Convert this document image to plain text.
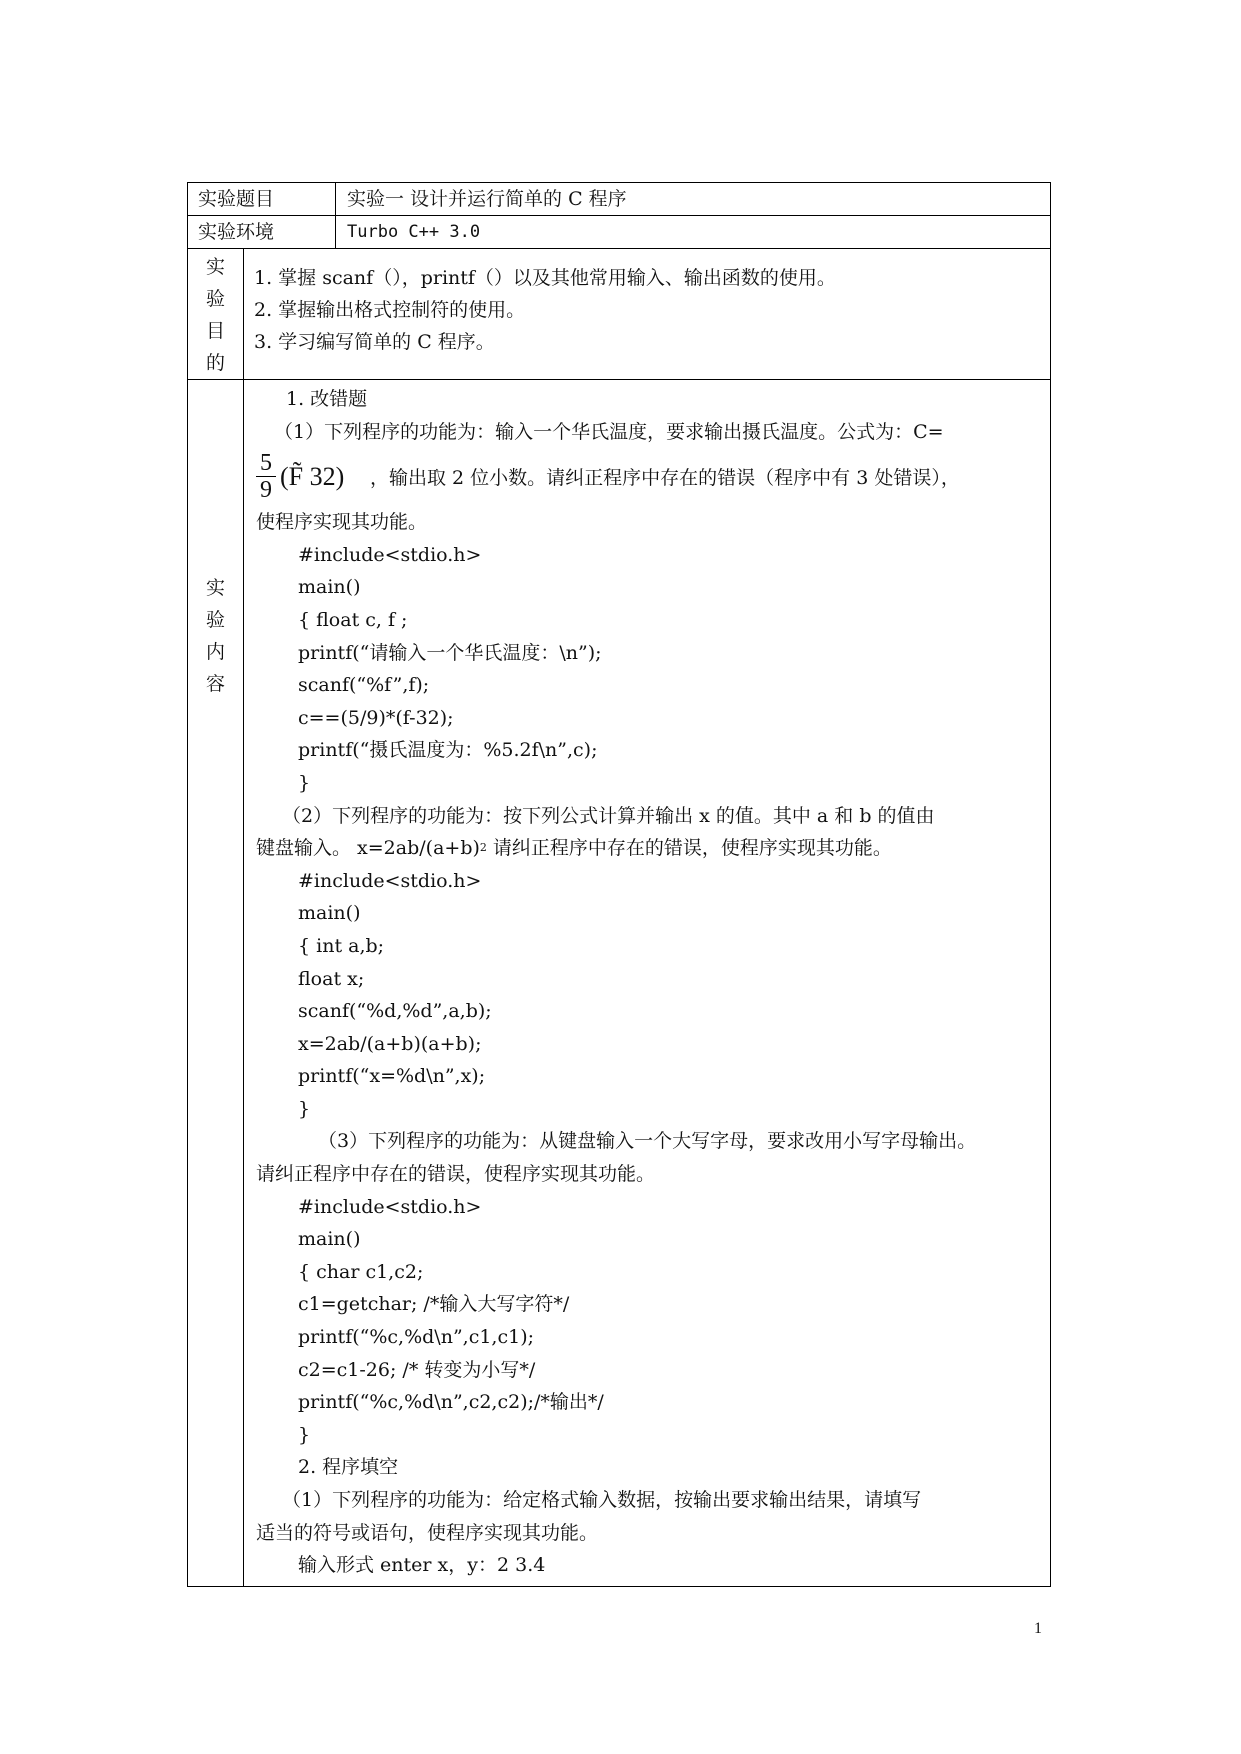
实验题目	实验一 设计并运行简单的 C 程序
实验环境	Turbo C++ 3.0
实
验
目
的
1. 掌握 scanf（），printf（）以及其他常用输入、输出函数的使用。
2. 掌握输出格式控制符的使用。
3. 学习编写简单的 C 程序。
实
验
内
容
1. 改错题
（1）下列程序的功能为：输入一个华氏温度，要求输出摄氏温度。公式为：C=
$\frac{5}{9}$ (F̃ 32) ，输出取 2 位小数。请纠正程序中存在的错误（程序中有 3 处错误），
使程序实现其功能。
#include<stdio.h>
main()
{ float c, f ;
printf(“请输入一个华氏温度：\n”);
scanf(“%f”,f);
c==(5/9)*(f-32);
printf(“摄氏温度为：%5.2f\n”,c);
}
（2）下列程序的功能为：按下列公式计算并输出 x 的值。其中 a 和 b 的值由
键盘输入。 $x=2ab/(a+b)^2$ 请纠正程序中存在的错误，使程序实现其功能。
#include<stdio.h>
main()
{ int a,b;
float x;
scanf(“%d,%d”,a,b);
x=2ab/(a+b)(a+b);
printf(“x=%d\n”,x);
}
（3）下列程序的功能为：从键盘输入一个大写字母，要求改用小写字母输出。
请纠正程序中存在的错误，使程序实现其功能。
#include<stdio.h>
main()
{ char c1,c2;
c1=getchar; /*输入大写字符*/
printf(“%c,%d\n”,c1,c1);
c2=c1-26; /* 转变为小写*/
printf(“%c,%d\n”,c2,c2);/*输出*/
}
2. 程序填空
（1）下列程序的功能为：给定格式输入数据，按输出要求输出结果，请填写
适当的符号或语句，使程序实现其功能。
输入形式 enter x，y：2 3.4
1
